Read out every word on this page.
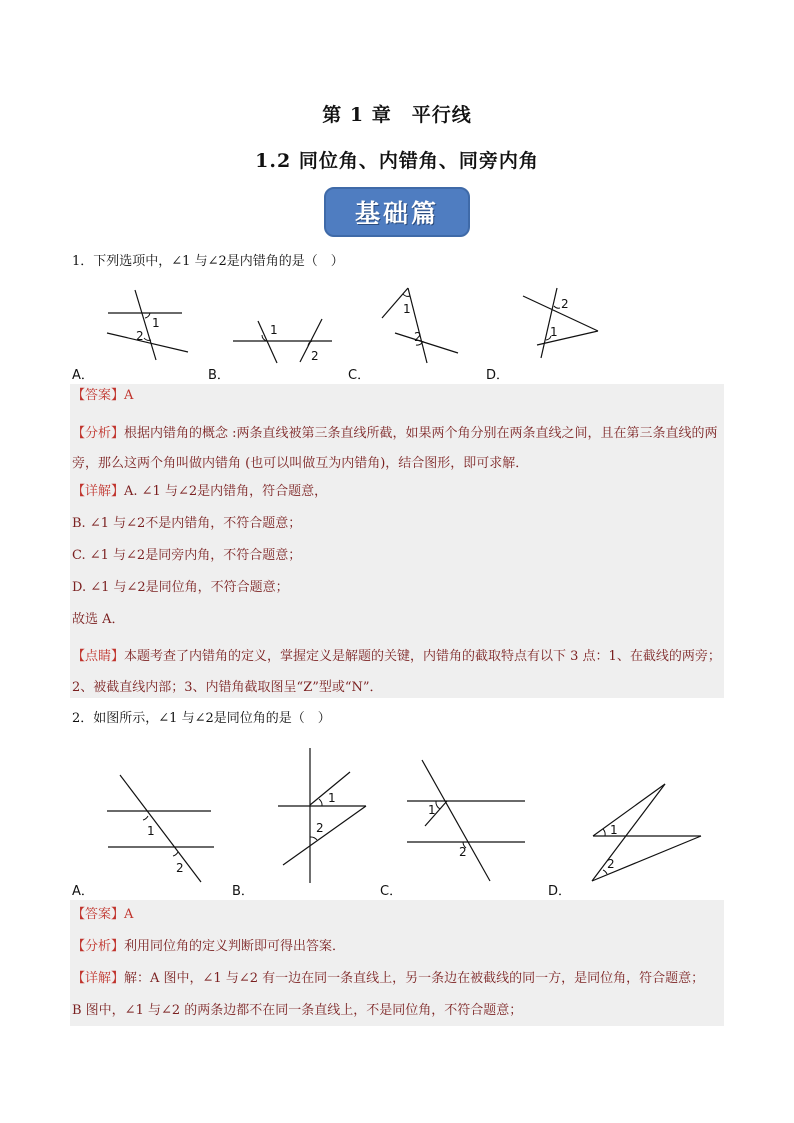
第 1 章　平行线
1.2 同位角、内错角、同旁内角
基础篇
1．下列选项中，∠1 与∠2是内错角的是（　）
1
2	1
2
1
2
2
1
A．	B．	C．	D．
【答案】A
【分析】根据内错角的概念 :两条直线被第三条直线所截，如果两个角分别在两条直线之间，且在第三条直线的两旁，那么这两个角叫做内错角 (也可以叫做互为内错角)，结合图形，即可求解．
【详解】A. ∠1 与∠2是内错角，符合题意，
B. ∠1 与∠2不是内错角，不符合题意；
C. ∠1 与∠2是同旁内角，不符合题意；
D. ∠1 与∠2是同位角，不符合题意；
故选 A．
【点睛】本题考查了内错角的定义，掌握定义是解题的关键，内错角的截取特点有以下 3 点：1、在截线的两旁；2、被截直线内部；3、内错角截取图呈“Z”型或“N”．
2．如图所示，∠1 与∠2是同位角的是（　）
1
2
1
2
1
2
1
2
A．	B．	C．	D．
【答案】A
【分析】利用同位角的定义判断即可得出答案．
【详解】解：A 图中，∠1 与∠2 有一边在同一条直线上，另一条边在被截线的同一方，是同位角，符合题意；
B 图中，∠1 与∠2 的两条边都不在同一条直线上，不是同位角，不符合题意；
